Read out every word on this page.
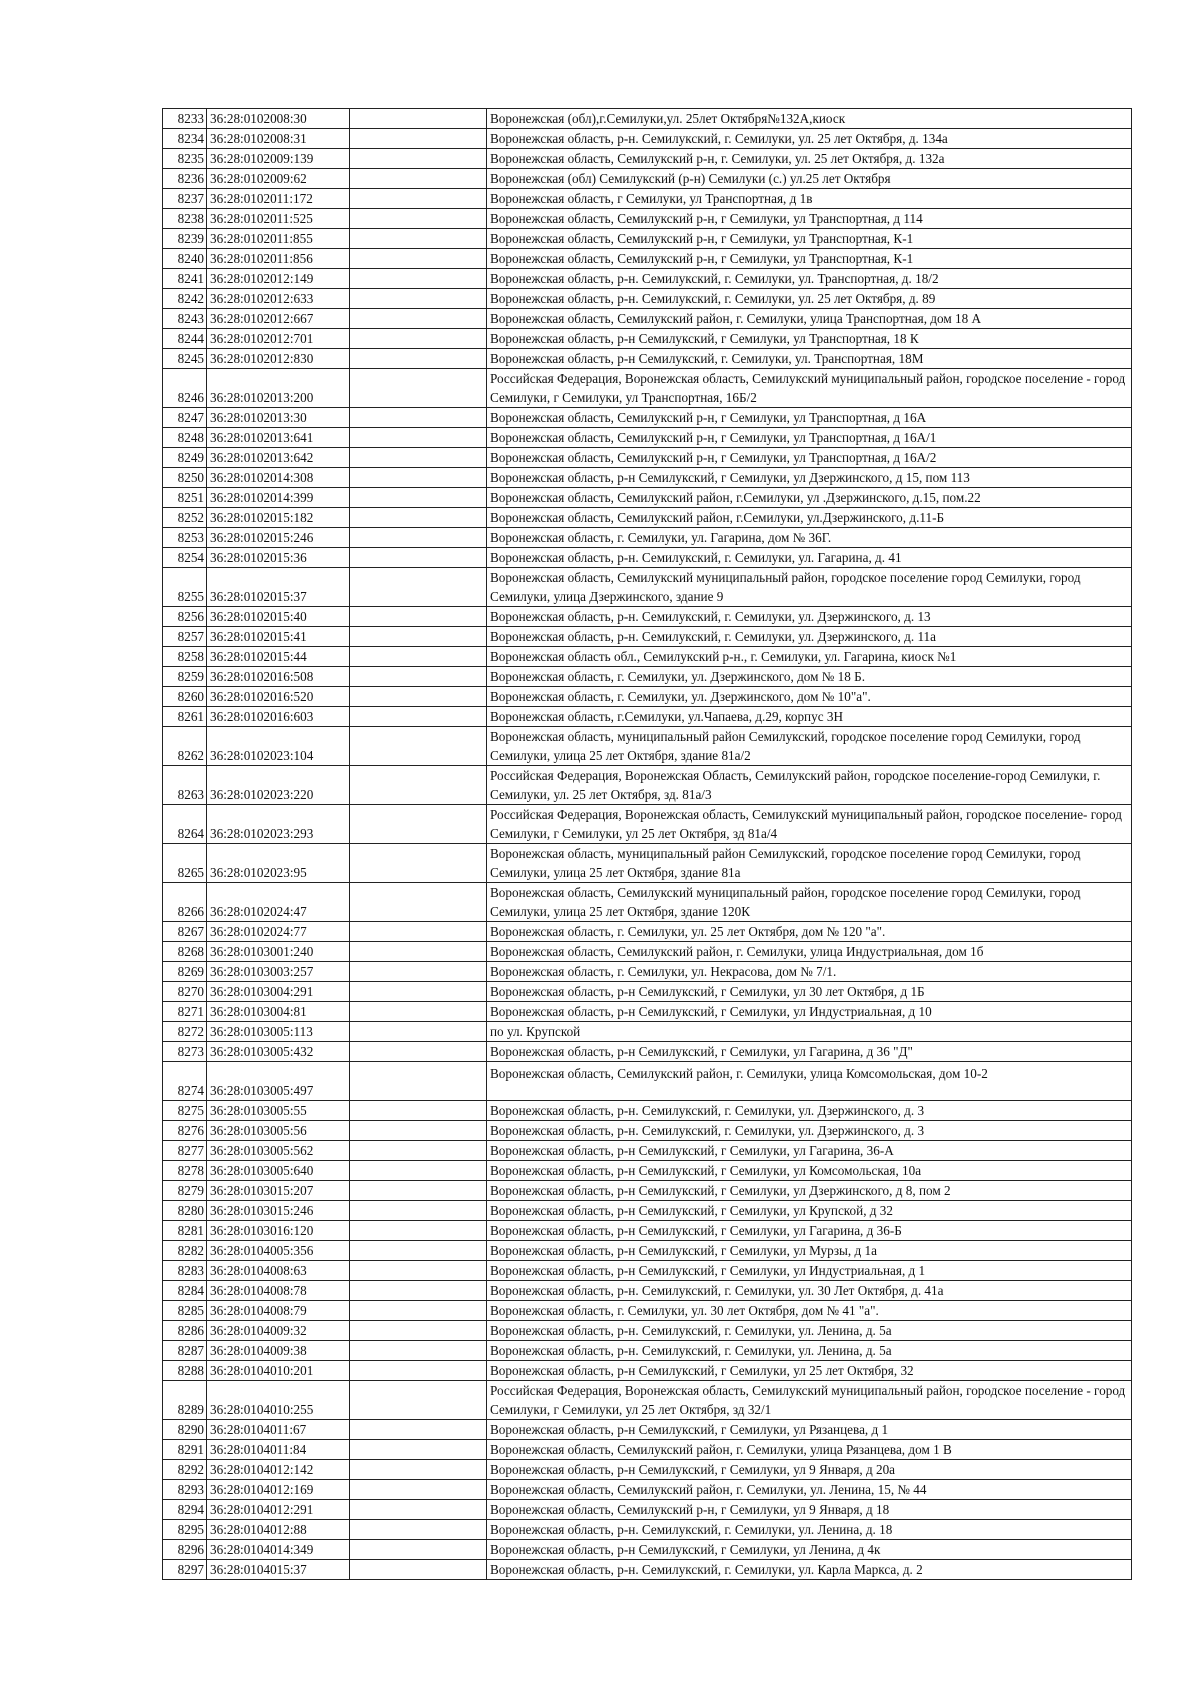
8233	36:28:0102008:30		Воронежская (обл),г.Семилуки,ул. 25лет Октября№132А,киоск
8234	36:28:0102008:31		Воронежская область, р-н. Семилукский, г. Семилуки, ул. 25 лет Октября, д. 134а
8235	36:28:0102009:139		Воронежская область, Семилукский р-н, г. Семилуки, ул. 25 лет Октября, д. 132а
8236	36:28:0102009:62		Воронежская (обл) Семилукский (р-н) Семилуки (с.) ул.25 лет Октября
8237	36:28:0102011:172		Воронежская область, г Семилуки, ул Транспортная, д 1в
8238	36:28:0102011:525		Воронежская область, Семилукский р-н, г Семилуки, ул Транспортная, д 114
8239	36:28:0102011:855		Воронежская область, Семилукский р-н, г Семилуки, ул Транспортная, К-1
8240	36:28:0102011:856		Воронежская область, Семилукский р-н, г Семилуки, ул Транспортная, К-1
8241	36:28:0102012:149		Воронежская область, р-н. Семилукский, г. Семилуки, ул. Транспортная, д. 18/2
8242	36:28:0102012:633		Воронежская область, р-н. Семилукский, г. Семилуки, ул. 25 лет Октября, д. 89
8243	36:28:0102012:667		Воронежская область, Семилукский район, г. Семилуки, улица Транспортная, дом 18 А
8244	36:28:0102012:701		Воронежская область, р-н Семилукский, г Семилуки, ул Транспортная, 18 К
8245	36:28:0102012:830		Воронежская область, р-н Семилукский, г. Семилуки, ул. Транспортная, 18М
8246	36:28:0102013:200		Российская Федерация, Воронежская область, Семилукский муниципальный район, городское поселение - город Семилуки, г Семилуки, ул Транспортная, 16Б/2
8247	36:28:0102013:30		Воронежская область, Семилукский р-н, г Семилуки, ул Транспортная, д 16А
8248	36:28:0102013:641		Воронежская область, Семилукский р-н, г Семилуки, ул Транспортная, д 16А/1
8249	36:28:0102013:642		Воронежская область, Семилукский р-н, г Семилуки, ул Транспортная, д 16А/2
8250	36:28:0102014:308		Воронежская область, р-н Семилукский, г Семилуки, ул Дзержинского, д 15, пом 113
8251	36:28:0102014:399		Воронежская область, Семилукский район, г.Семилуки, ул .Дзержинского, д.15, пом.22
8252	36:28:0102015:182		Воронежская область, Семилукский район, г.Семилуки, ул.Дзержинского, д.11-Б
8253	36:28:0102015:246		Воронежская область, г. Семилуки, ул. Гагарина, дом № 36Г.
8254	36:28:0102015:36		Воронежская область, р-н. Семилукский, г. Семилуки, ул. Гагарина, д. 41
8255	36:28:0102015:37		Воронежская область, Семилукский муниципальный район, городское поселение город Семилуки, город Семилуки, улица Дзержинского, здание 9
8256	36:28:0102015:40		Воронежская область, р-н. Семилукский, г. Семилуки, ул. Дзержинского, д. 13
8257	36:28:0102015:41		Воронежская область, р-н. Семилукский, г. Семилуки, ул. Дзержинского, д. 11а
8258	36:28:0102015:44		Воронежская область обл., Семилукский р-н., г. Семилуки, ул. Гагарина, киоск №1
8259	36:28:0102016:508		Воронежская область, г. Семилуки, ул. Дзержинского, дом № 18 Б.
8260	36:28:0102016:520		Воронежская область, г. Семилуки, ул. Дзержинского, дом № 10"а".
8261	36:28:0102016:603		Воронежская область, г.Семилуки, ул.Чапаева, д.29, корпус 3Н
8262	36:28:0102023:104		Воронежская область, муниципальный район Семилукский, городское поселение город Семилуки, город Семилуки, улица 25 лет Октября, здание 81а/2
8263	36:28:0102023:220		Российская Федерация, Воронежская Область, Семилукский район, городское поселение-город Семилуки, г. Семилуки, ул. 25 лет Октября, зд. 81а/3
8264	36:28:0102023:293		Российская Федерация, Воронежская область, Семилукский муниципальный район, городское поселение- город Семилуки, г Семилуки, ул 25 лет Октября, зд 81а/4
8265	36:28:0102023:95		Воронежская область, муниципальный район Семилукский, городское поселение город Семилуки, город Семилуки, улица 25 лет Октября, здание 81а
8266	36:28:0102024:47		Воронежская область, Семилукский муниципальный район, городское поселение город Семилуки, город Семилуки, улица 25 лет Октября, здание 120К
8267	36:28:0102024:77		Воронежская область, г. Семилуки, ул. 25 лет Октября, дом № 120 "а".
8268	36:28:0103001:240		Воронежская область, Семилукский район, г. Семилуки, улица Индустриальная, дом 1б
8269	36:28:0103003:257		Воронежская область, г. Семилуки, ул. Некрасова, дом № 7/1.
8270	36:28:0103004:291		Воронежская область, р-н Семилукский, г Семилуки, ул 30 лет Октября, д 1Б
8271	36:28:0103004:81		Воронежская область, р-н Семилукский, г Семилуки, ул Индустриальная, д 10
8272	36:28:0103005:113		по ул. Крупской
8273	36:28:0103005:432		Воронежская область, р-н Семилукский, г Семилуки, ул Гагарина, д 36 "Д"
8274	36:28:0103005:497		Воронежская область, Семилукский район, г. Семилуки, улица Комсомольская, дом 10-2
8275	36:28:0103005:55		Воронежская область, р-н. Семилукский, г. Семилуки, ул. Дзержинского, д. 3
8276	36:28:0103005:56		Воронежская область, р-н. Семилукский, г. Семилуки, ул. Дзержинского, д. 3
8277	36:28:0103005:562		Воронежская область, р-н Семилукский, г Семилуки, ул Гагарина, 36-А
8278	36:28:0103005:640		Воронежская область, р-н Семилукский, г Семилуки, ул Комсомольская, 10а
8279	36:28:0103015:207		Воронежская область, р-н Семилукский, г Семилуки, ул Дзержинского, д 8, пом 2
8280	36:28:0103015:246		Воронежская область, р-н Семилукский, г Семилуки, ул Крупской, д 32
8281	36:28:0103016:120		Воронежская область, р-н Семилукский, г Семилуки, ул Гагарина, д 36-Б
8282	36:28:0104005:356		Воронежская область, р-н Семилукский, г Семилуки, ул Мурзы, д 1а
8283	36:28:0104008:63		Воронежская область, р-н Семилукский, г Семилуки, ул Индустриальная, д 1
8284	36:28:0104008:78		Воронежская область, р-н. Семилукский, г. Семилуки, ул. 30 Лет Октября, д. 41а
8285	36:28:0104008:79		Воронежская область, г. Семилуки, ул. 30 лет Октября, дом № 41 "а".
8286	36:28:0104009:32		Воронежская область, р-н. Семилукский, г. Семилуки, ул. Ленина, д. 5а
8287	36:28:0104009:38		Воронежская область, р-н. Семилукский, г. Семилуки, ул. Ленина, д. 5а
8288	36:28:0104010:201		Воронежская область, р-н Семилукский, г Семилуки, ул 25 лет Октября, 32
8289	36:28:0104010:255		Российская Федерация, Воронежская область, Семилукский муниципальный район, городское поселение - город Семилуки, г Семилуки, ул 25 лет Октября, зд 32/1
8290	36:28:0104011:67		Воронежская область, р-н Семилукский, г Семилуки, ул Рязанцева, д 1
8291	36:28:0104011:84		Воронежская область, Семилукский район, г. Семилуки, улица Рязанцева, дом 1 В
8292	36:28:0104012:142		Воронежская область, р-н Семилукский, г Семилуки, ул 9 Января, д 20а
8293	36:28:0104012:169		Воронежская область, Семилукский район, г. Семилуки, ул. Ленина, 15, № 44
8294	36:28:0104012:291		Воронежская область, Семилукский р-н, г Семилуки, ул 9 Января, д 18
8295	36:28:0104012:88		Воронежская область, р-н. Семилукский, г. Семилуки, ул. Ленина, д. 18
8296	36:28:0104014:349		Воронежская область, р-н Семилукский, г Семилуки, ул Ленина, д 4к
8297	36:28:0104015:37		Воронежская область, р-н. Семилукский, г. Семилуки, ул. Карла Маркса, д. 2
